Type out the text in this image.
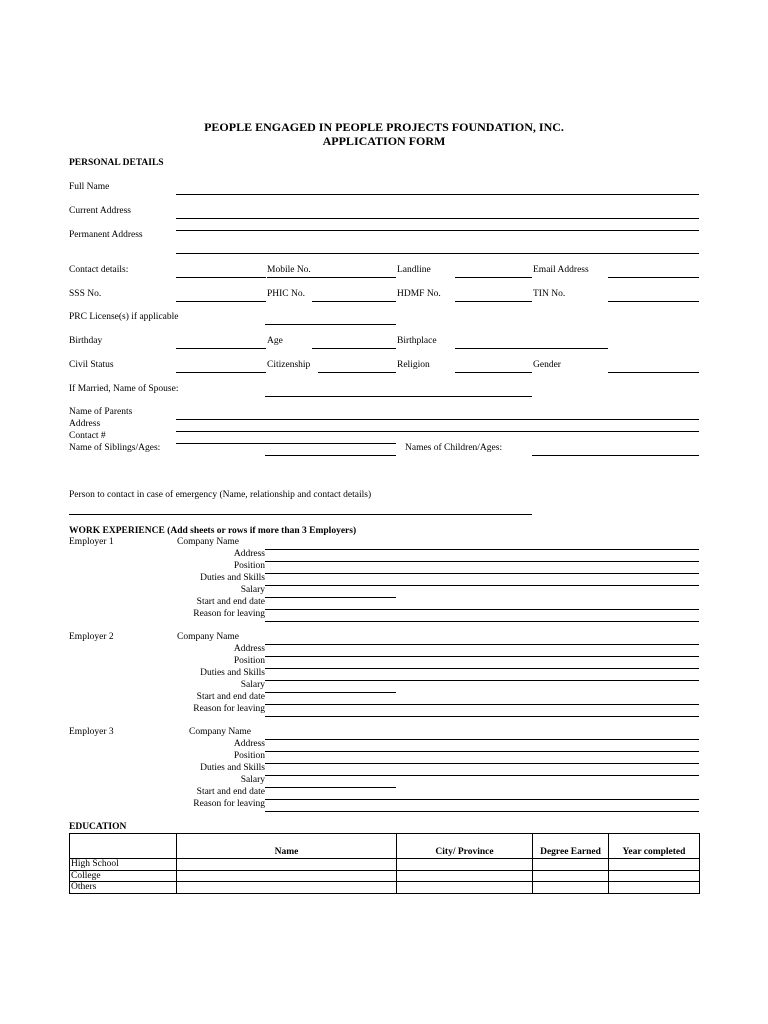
PEOPLE ENGAGED IN PEOPLE PROJECTS FOUNDATION, INC.
APPLICATION FORM
PERSONAL DETAILS
Full Name
Current Address
Permanent Address
Contact details:	Mobile No.	Landline	Email Address
SSS No.	PHIC No.	HDMF No.	TIN No.
PRC License(s) if applicable
Birthday	Age	Birthplace
Civil Status	Citizenship	Religion	Gender
If Married, Name of Spouse:
Name of Parents
Address
Contact #
Name of Siblings/Ages:	Names of Children/Ages:
Person to contact in case of emergency (Name, relationship and contact details)
WORK EXPERIENCE (Add sheets or rows if more than 3 Employers)
Employer 1	Company Name
Address
Position
Duties and Skills
Salary
Start and end date
Reason for leaving
Employer 2	Company Name
Address
Position
Duties and Skills
Salary
Start and end date
Reason for leaving
Employer 3	Company Name
Address
Position
Duties and Skills
Salary
Start and end date
Reason for leaving
EDUCATION
	Name	City/ Province	Degree Earned	Year completed
High School				
College				
Others				
